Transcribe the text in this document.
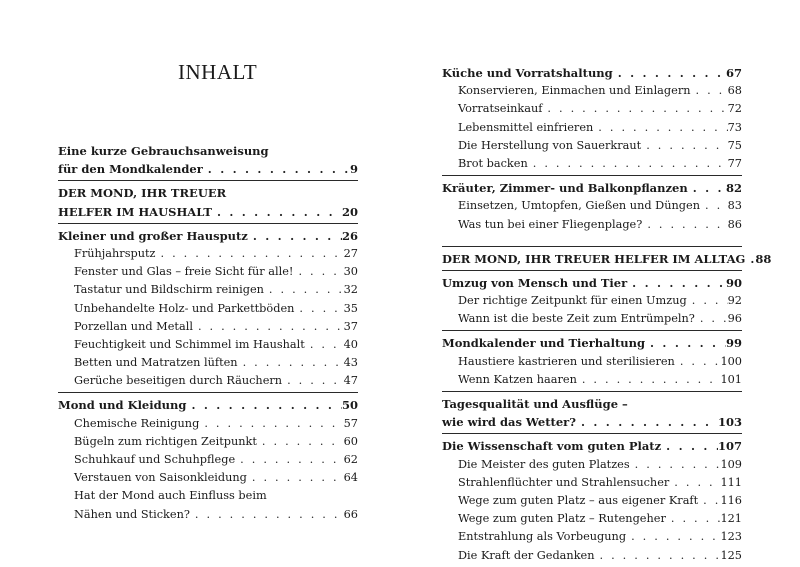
INHALT
Eine kurze Gebrauchsanweisung
für den Mondkalender . . .	9
DER MOND, IHR TREUER
HELFER IM HAUSHALT . . .	20
Kleiner und großer Hausputz . . .	26
Frühjahrsputz . . .	27
Fenster und Glas – freie Sicht für alle! . . .	30
Tastatur und Bildschirm reinigen . . .	32
Unbehandelte Holz- und Parkettböden . . .	35
Porzellan und Metall . . .	37
Feuchtigkeit und Schimmel im Haushalt . . .	40
Betten und Matratzen lüften . . .	43
Gerüche beseitigen durch Räuchern . . .	47
Mond und Kleidung . . .	50
Chemische Reinigung . . .	57
Bügeln zum richtigen Zeitpunkt . . .	60
Schuhkauf und Schuhpflege . . .	62
Verstauen von Saisonkleidung . . .	64
Hat der Mond auch Einfluss beim
Nähen und Sticken? . . .	66
Küche und Vorratshaltung . . .	67
Konservieren, Einmachen und Einlagern . . .	68
Vorratseinkauf . . .	72
Lebensmittel einfrieren . . .	73
Die Herstellung von Sauerkraut . . .	75
Brot backen . . .	77
Kräuter, Zimmer- und Balkonpflanzen . . .	82
Einsetzen, Umtopfen, Gießen und Düngen . . . 83
Was tun bei einer Fliegenplage? . . .	86
DER MOND, IHR TREUER HELFER IM ALLTAG . . . 88
Umzug von Mensch und Tier . . .	90
Der richtige Zeitpunkt für einen Umzug . . .	92
Wann ist die beste Zeit zum Entrümpeln? . . .	96
Mondkalender und Tierhaltung . . .	99
Haustiere kastrieren und sterilisieren . . .	100
Wenn Katzen haaren . . .	101
Tagesqualität und Ausflüge –
wie wird das Wetter? . . .	103
Die Wissenschaft vom guten Platz . . .	107
Die Meister des guten Platzes . . .	109
Strahlenflüchter und Strahlensucher . . .	111
Wege zum guten Platz – aus eigener Kraft . . . 116
Wege zum guten Platz – Rutengeher . . .	121
Entstrahlung als Vorbeugung . . .	123
Die Kraft der Gedanken . . .	125
